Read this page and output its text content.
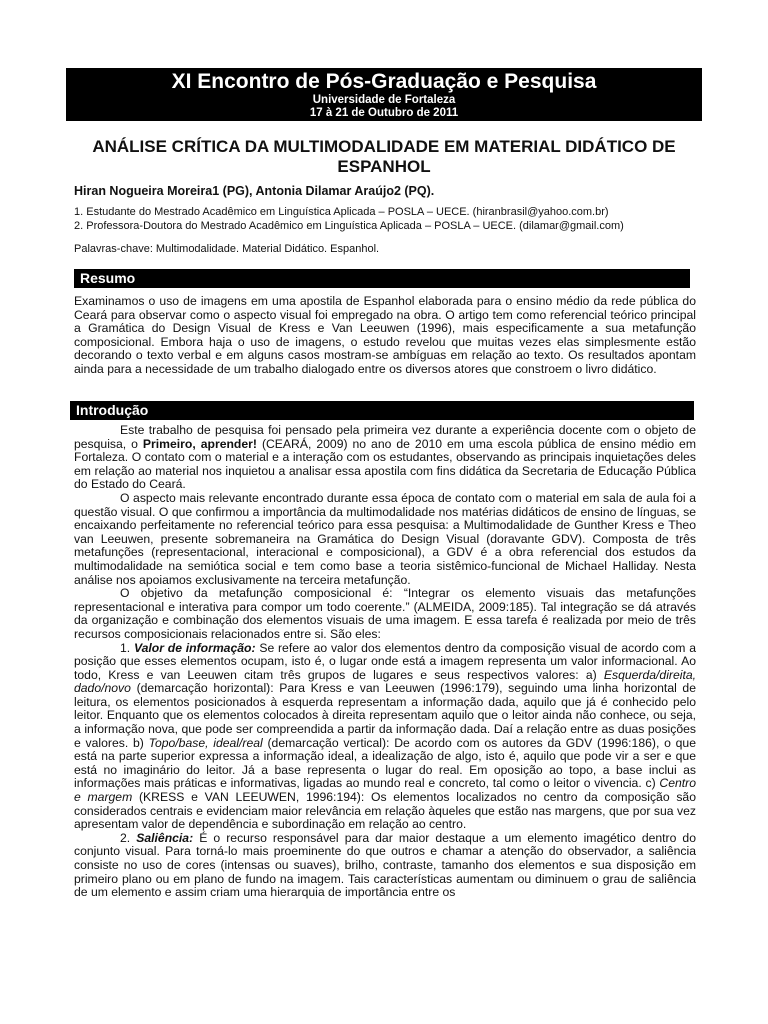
XI Encontro de Pós-Graduação e Pesquisa
Universidade de Fortaleza
17 à 21 de Outubro de 2011
ANÁLISE CRÍTICA DA MULTIMODALIDADE EM MATERIAL DIDÁTICO DE ESPANHOL
Hiran Nogueira Moreira1 (PG), Antonia Dilamar Araújo2 (PQ).
1. Estudante do Mestrado Acadêmico em Linguística Aplicada – POSLA – UECE. (hiranbrasil@yahoo.com.br)
2. Professora-Doutora do Mestrado Acadêmico em Linguística Aplicada – POSLA – UECE. (dilamar@gmail.com)
Palavras-chave: Multimodalidade. Material Didático. Espanhol.
Resumo

Examinamos o uso de imagens em uma apostila de Espanhol elaborada para o ensino médio da rede pública do Ceará para observar como o aspecto visual foi empregado na obra. O artigo tem como referencial teórico principal a Gramática do Design Visual de Kress e Van Leeuwen (1996), mais especificamente a sua metafunção composicional. Embora haja o uso de imagens, o estudo revelou que muitas vezes elas simplesmente estão decorando o texto verbal e em alguns casos mostram-se ambíguas em relação ao texto. Os resultados apontam ainda para a necessidade de um trabalho dialogado entre os diversos atores que constroem o livro didático.

Introdução

Este trabalho de pesquisa foi pensado pela primeira vez durante a experiência docente com o objeto de pesquisa, o Primeiro, aprender! (CEARÁ, 2009) no ano de 2010 em uma escola pública de ensino médio em Fortaleza. O contato com o material e a interação com os estudantes, observando as principais inquietações deles em relação ao material nos inquietou a analisar essa apostila com fins didática da Secretaria de Educação Pública do Estado do Ceará.

O aspecto mais relevante encontrado durante essa época de contato com o material em sala de aula foi a questão visual. O que confirmou a importância da multimodalidade nos matérias didáticos de ensino de línguas, se encaixando perfeitamente no referencial teórico para essa pesquisa: a Multimodalidade de Gunther Kress e Theo van Leeuwen, presente sobremaneira na Gramática do Design Visual (doravante GDV). Composta de três metafunções (representacional, interacional e composicional), a GDV é a obra referencial dos estudos da multimodalidade na semiótica social e tem como base a teoria sistêmico-funcional de Michael Halliday. Nesta análise nos apoiamos exclusivamente na terceira metafunção.

O objetivo da metafunção composicional é: “Integrar os elemento visuais das metafunções representacional e interativa para compor um todo coerente.” (ALMEIDA, 2009:185). Tal integração se dá através da organização e combinação dos elementos visuais de uma imagem. E essa tarefa é realizada por meio de três recursos composicionais relacionados entre si. São eles:

1. Valor de informação: Se refere ao valor dos elementos dentro da composição visual de acordo com a posição que esses elementos ocupam, isto é, o lugar onde está a imagem representa um valor informacional. Ao todo, Kress e van Leeuwen citam três grupos de lugares e seus respectivos valores: a) Esquerda/direita, dado/novo (demarcação horizontal): Para Kress e van Leeuwen (1996:179), seguindo uma linha horizontal de leitura, os elementos posicionados à esquerda representam a informação dada, aquilo que já é conhecido pelo leitor. Enquanto que os elementos colocados à direita representam aquilo que o leitor ainda não conhece, ou seja, a informação nova, que pode ser compreendida a partir da informação dada. Daí a relação entre as duas posições e valores. b) Topo/base, ideal/real (demarcação vertical): De acordo com os autores da GDV (1996:186), o que está na parte superior expressa a informação ideal, a idealização de algo, isto é, aquilo que pode vir a ser e que está no imaginário do leitor. Já a base representa o lugar do real. Em oposição ao topo, a base inclui as informações mais práticas e informativas, ligadas ao mundo real e concreto, tal como o leitor o vivencia. c) Centro e margem (KRESS e VAN LEEUWEN, 1996:194): Os elementos localizados no centro da composição são considerados centrais e evidenciam maior relevância em relação àqueles que estão nas margens, que por sua vez apresentam valor de dependência e subordinação em relação ao centro.

2. Saliência: É o recurso responsável para dar maior destaque a um elemento imagético dentro do conjunto visual. Para torná-lo mais proeminente do que outros e chamar a atenção do observador, a saliência consiste no uso de cores (intensas ou suaves), brilho, contraste, tamanho dos elementos e sua disposição em primeiro plano ou em plano de fundo na imagem. Tais características aumentam ou diminuem o grau de saliência de um elemento e assim criam uma hierarquia de importância entre os
